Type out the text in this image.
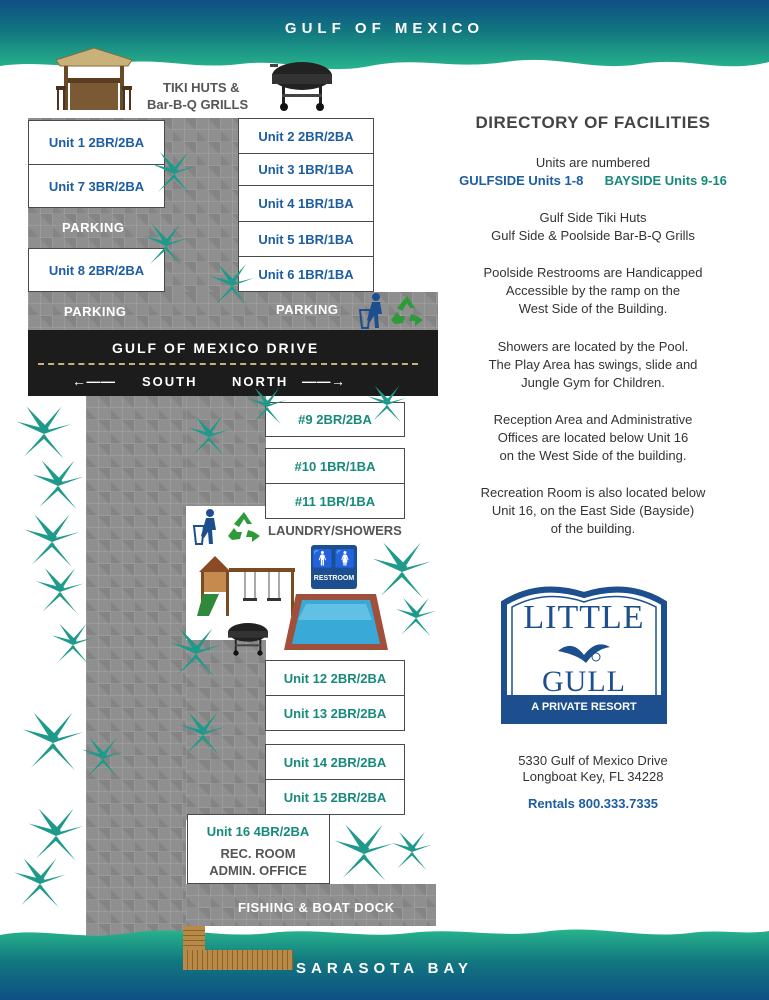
GULF OF MEXICO
TIKI HUTS &
Bar-B-Q GRILLS
Unit 1 2BR/2BA
Unit 7 3BR/2BA
PARKING
Unit 8 2BR/2BA
Unit 2 2BR/2BA
Unit 3 1BR/1BA
Unit 4 1BR/1BA
Unit 5 1BR/1BA
Unit 6 1BR/1BA
PARKING	PARKING
GULF OF MEXICO DRIVE
←—— SOUTH	NORTH ——→
#9 2BR/2BA
#10 1BR/1BA
#11 1BR/1BA
LAUNDRY/SHOWERS
🚹🚺
RESTROOM
Unit 12 2BR/2BA
Unit 13 2BR/2BA
Unit 14 2BR/2BA
Unit 15 2BR/2BA
Unit 16 4BR/2BA
REC. ROOM
ADMIN. OFFICE
FISHING & BOAT DOCK
SARASOTA BAY
DIRECTORY OF FACILITIES
Units are numbered
GULFSIDE Units 1-8 BAYSIDE Units 9-16
Gulf Side Tiki Huts
Gulf Side & Poolside Bar-B-Q Grills
Poolside Restrooms are Handicapped
Accessible by the ramp on the
West Side of the Building.
Showers are located by the Pool.
The Play Area has swings, slide and
Jungle Gym for Children.
Reception Area and Administrative
Offices are located below Unit 16
on the West Side of the building.
Recreation Room is also located below
Unit 16, on the East Side (Bayside)
of the building.
LITTLE
GULL
A PRIVATE RESORT
5330 Gulf of Mexico Drive
Longboat Key, FL 34228
Rentals 800.333.7335
